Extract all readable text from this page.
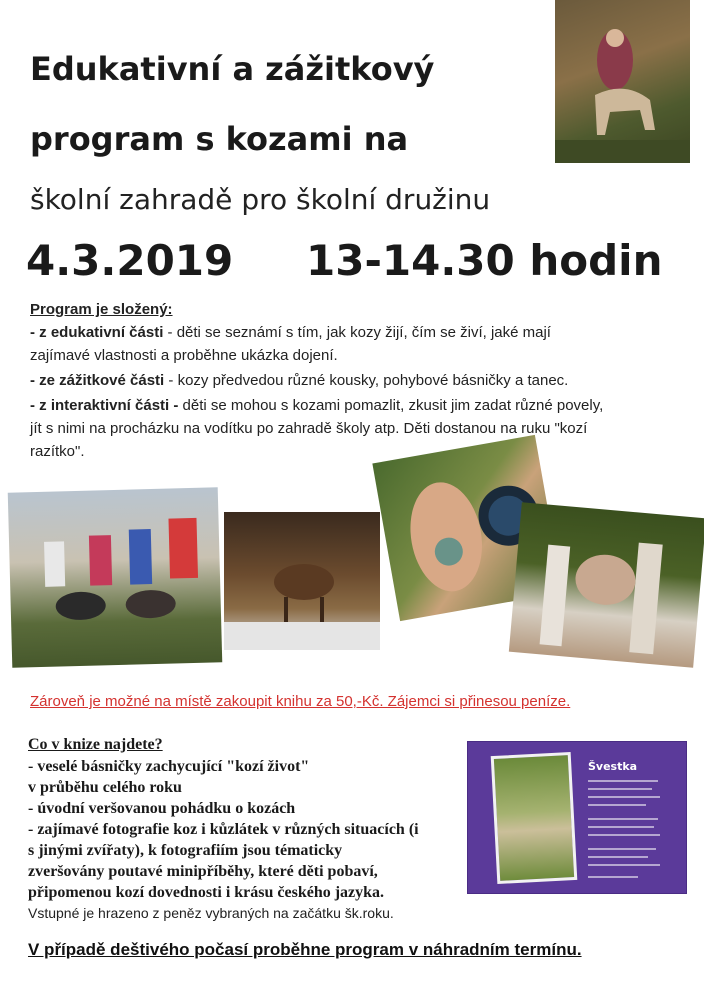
Edukativní a zážitkový
program s kozami na
školní zahradě pro školní družinu
4.3.2019 13-14.30 hodin
Program je složený:
- z edukativní části - děti se seznámí s tím, jak kozy žijí, čím se živí, jaké mají
zajímavé vlastnosti a proběhne ukázka dojení.
- ze zážitkové části - kozy předvedou různé kousky, pohybové básničky a tanec.
- z interaktivní části - děti se mohou s kozami pomazlit, zkusit jim zadat různé povely,
jít s nimi na procházku na vodítku po zahradě školy atp. Děti dostanou na ruku "kozí
razítko".
Zároveň je možné na místě zakoupit knihu za 50,-Kč. Zájemci si přinesou peníze.
Co v knize najdete?
- veselé básničky zachycující "kozí život"
v průběhu celého roku
- úvodní veršovanou pohádku o kozách
- zajímavé fotografie koz i kůzlátek v různých situacích (i
s jinými zvířaty), k fotografiím jsou tématicky
zveršovány poutavé minipříběhy, které děti pobaví,
připomenou kozí dovednosti i krásu českého jazyka.
Švestka
Vstupné je hrazeno z peněz vybraných na začátku šk.roku.
V případě deštivého počasí proběhne program v náhradním termínu.
